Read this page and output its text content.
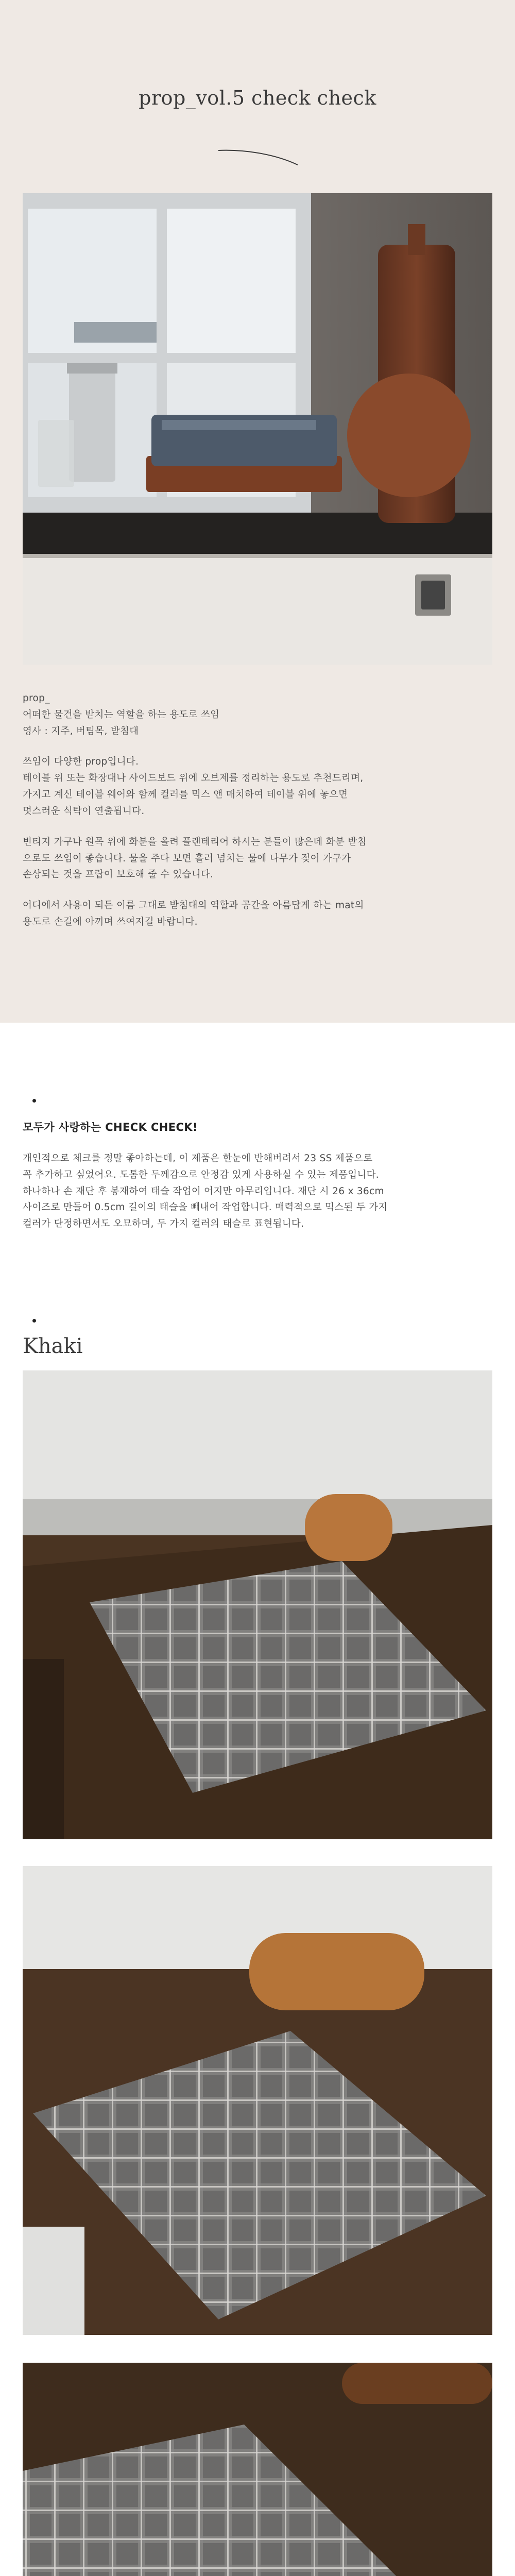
prop_vol.5 check check

prop_
어떠한 물건을 받치는 역할을 하는 용도로 쓰임
영사 : 지주, 버팀목, 받침대

쓰임이 다양한 prop입니다.
테이블 위 또는 화장대나 사이드보드 위에 오브제를 정리하는 용도로 추천드리며,
가지고 계신 테이블 웨어와 함께 컬러를 믹스 앤 매치하여 테이블 위에 놓으면
멋스러운 식탁이 연출됩니다.

빈티지 가구나 원목 위에 화분을 올려 플랜테리어 하시는 분들이 많은데 화분 받침
으로도 쓰임이 좋습니다. 물을 주다 보면 흘러 넘치는 물에 나무가 젖어 가구가
손상되는 것을 프랍이 보호해 줄 수 있습니다.

어디에서 사용이 되든 이름 그대로 받침대의 역할과 공간을 아름답게 하는 mat의
용도로 손길에 아끼며 쓰여지길 바랍니다.

모두가 사랑하는 CHECK CHECK!
개인적으로 체크를 정말 좋아하는데, 이 제품은 한눈에 반해버려서 23 SS 제품으로
꼭 추가하고 싶었어요. 도톰한 두께감으로 안정감 있게 사용하실 수 있는 제품입니다.
하나하나 손 재단 후 봉재하여 태슬 작업이 어지만 아무리입니다. 재단 시 26 x 36cm
사이즈로 만들어 0.5cm 길이의 태슬을 빼내어 작업합니다. 매력적으로 믹스된 두 가지
컬러가 단정하면서도 오묘하며, 두 가지 컬러의 태슬로 표현됩니다.
Khaki
